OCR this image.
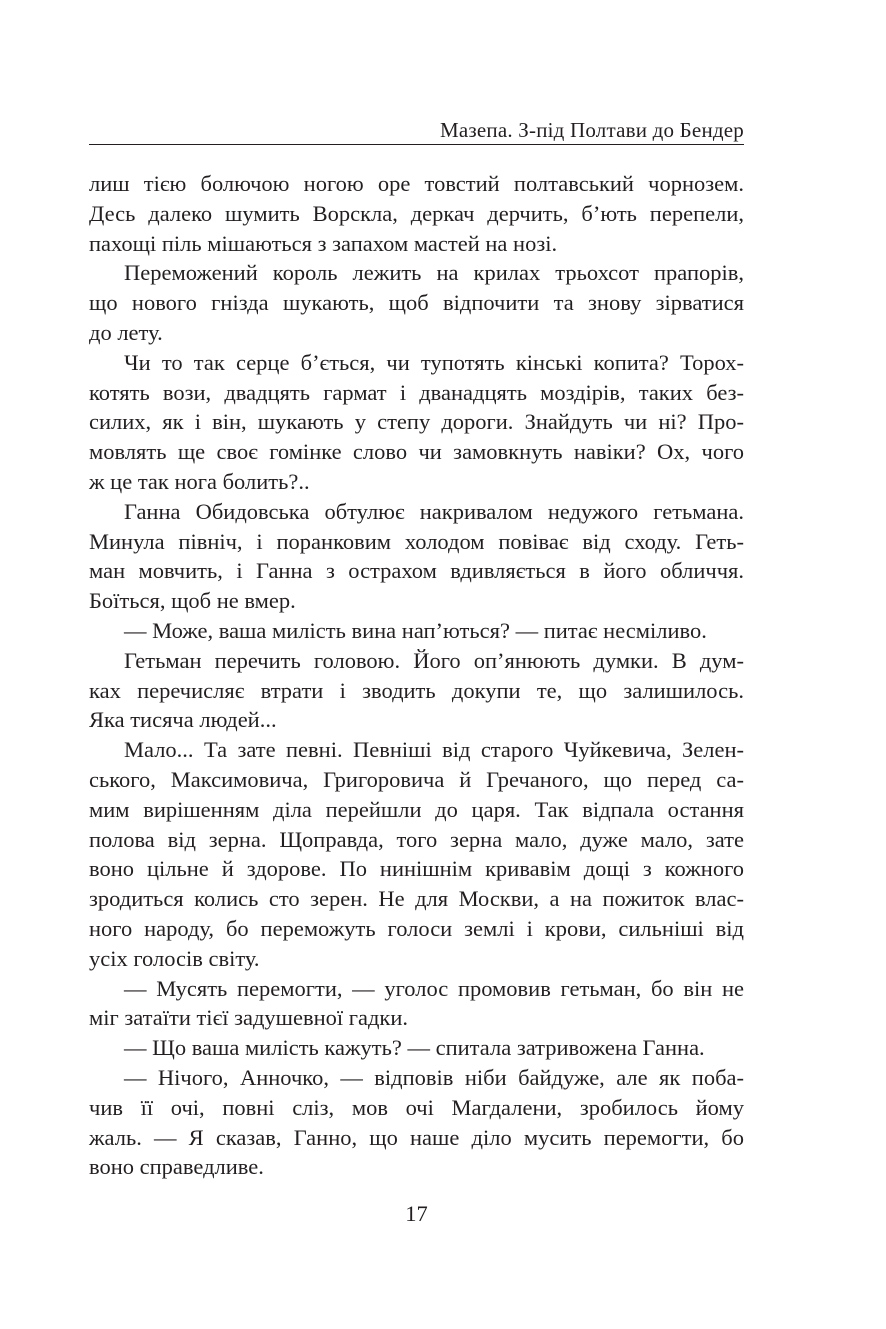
Мазепа. З-під Полтави до Бендер
лиш тією болючою ногою оре товстий полтавський чорнозем.
Десь далеко шумить Ворскла, деркач дерчить, б’ють перепели,
пахощі піль мішаються з запахом мастей на нозі.
Переможений король лежить на крилах трьохсот прапорів,
що нового гнізда шукають, щоб відпочити та знову зірватися
до лету.
Чи то так серце б’ється, чи тупотять кінські копита? Торох-
котять вози, двадцять гармат і дванадцять моздірів, таких без-
силих, як і він, шукають у степу дороги. Знайдуть чи ні? Про-
мовлять ще своє гомінке слово чи замовкнуть навіки? Ох, чого
ж це так нога болить?..
Ганна Обидовська обтулює накривалом недужого гетьмана.
Минула північ, і поранковим холодом повіває від сходу. Геть-
ман мовчить, і Ганна з острахом вдивляється в його обличчя.
Боїться, щоб не вмер.
— Може, ваша милість вина нап’ються? — питає несміливо.
Гетьман перечить головою. Його оп’янюють думки. В дум-
ках перечисляє втрати і зводить докупи те, що залишилось.
Яка тисяча людей...
Мало... Та зате певні. Певніші від старого Чуйкевича, Зелен-
ського, Максимовича, Григоровича й Гречаного, що перед са-
мим вирішенням діла перейшли до царя. Так відпала остання
полова від зерна. Щоправда, того зерна мало, дуже мало, зате
воно цільне й здорове. По нинішнім кривавім дощі з кожного
зродиться колись сто зерен. Не для Москви, а на пожиток влас-
ного народу, бо переможуть голоси землі і крови, сильніші від
усіх голосів світу.
— Мусять перемогти, — уголос промовив гетьман, бо він не
міг затаїти тієї задушевної гадки.
— Що ваша милість кажуть? — спитала затривожена Ганна.
— Нічого, Анночко, — відповів ніби байдуже, але як поба-
чив її очі, повні сліз, мов очі Магдалени, зробилось йому
жаль. — Я сказав, Ганно, що наше діло мусить перемогти, бо
воно справедливе.
17
